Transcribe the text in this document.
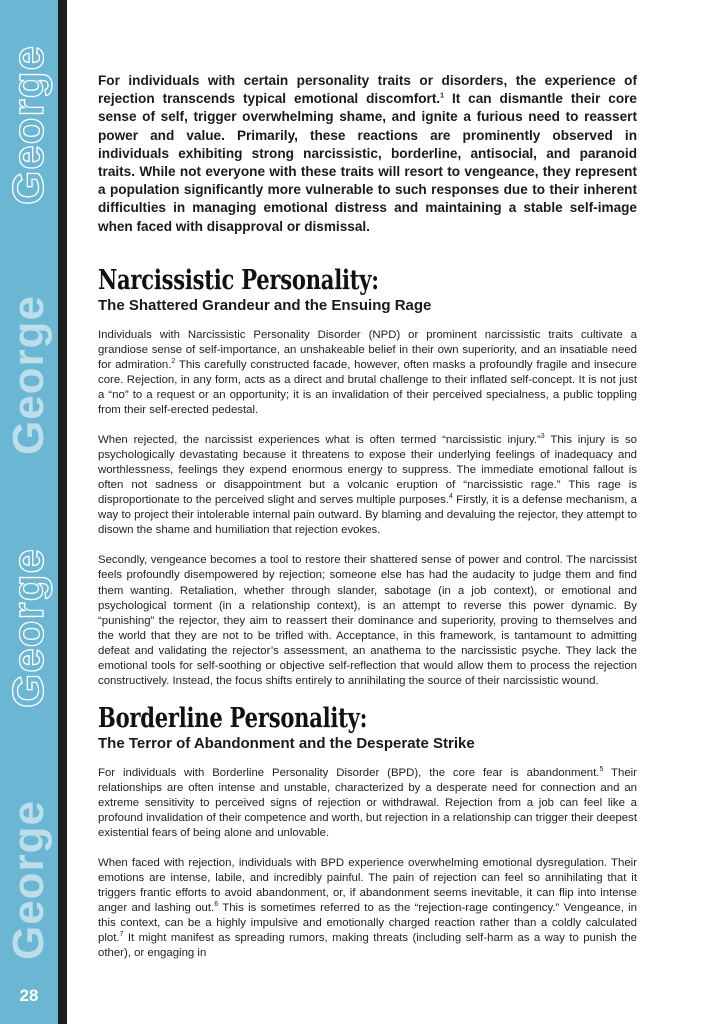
George
George
George
George
28

For individuals with certain personality traits or disorders, the experience of rejection transcends typical emotional discomfort.$^1$ It can dismantle their core sense of self, trigger overwhelming shame, and ignite a furious need to reassert power and value. Primarily, these reactions are prominently observed in individuals exhibiting strong narcissistic, borderline, antisocial, and paranoid traits. While not everyone with these traits will resort to vengeance, they represent a population significantly more vulnerable to such responses due to their inherent difficulties in managing emotional distress and maintaining a stable self-image when faced with disapproval or dismissal.

Narcissistic Personality:
The Shattered Grandeur and the Ensuing Rage

Individuals with Narcissistic Personality Disorder (NPD) or prominent narcissistic traits cultivate a grandiose sense of self-importance, an unshakeable belief in their own superiority, and an insatiable need for admiration.$^2$ This carefully constructed facade, however, often masks a profoundly fragile and insecure core. Rejection, in any form, acts as a direct and brutal challenge to their inflated self-concept. It is not just a “no” to a request or an opportunity; it is an invalidation of their perceived specialness, a public toppling from their self-erected pedestal.

When rejected, the narcissist experiences what is often termed “narcissistic injury.”$^3$ This injury is so psychologically devastating because it threatens to expose their underlying feelings of inadequacy and worthlessness, feelings they expend enormous energy to suppress. The immediate emotional fallout is often not sadness or disappointment but a volcanic eruption of “narcissistic rage.” This rage is disproportionate to the perceived slight and serves multiple purposes.$^4$ Firstly, it is a defense mechanism, a way to project their intolerable internal pain outward. By blaming and devaluing the rejector, they attempt to disown the shame and humiliation that rejection evokes.

Secondly, vengeance becomes a tool to restore their shattered sense of power and control. The narcissist feels profoundly disempowered by rejection; someone else has had the audacity to judge them and find them wanting. Retaliation, whether through slander, sabotage (in a job context), or emotional and psychological torment (in a relationship context), is an attempt to reverse this power dynamic. By “punishing” the rejector, they aim to reassert their dominance and superiority, proving to themselves and the world that they are not to be trifled with. Acceptance, in this framework, is tantamount to admitting defeat and validating the rejector’s assessment, an anathema to the narcissistic psyche. They lack the emotional tools for self-soothing or objective self-reflection that would allow them to process the rejection constructively. Instead, the focus shifts entirely to annihilating the source of their narcissistic wound.

Borderline Personality:
The Terror of Abandonment and the Desperate Strike

For individuals with Borderline Personality Disorder (BPD), the core fear is abandonment.$^5$ Their relationships are often intense and unstable, characterized by a desperate need for connection and an extreme sensitivity to perceived signs of rejection or withdrawal. Rejection from a job can feel like a profound invalidation of their competence and worth, but rejection in a relationship can trigger their deepest existential fears of being alone and unlovable.

When faced with rejection, individuals with BPD experience overwhelming emotional dysregulation. Their emotions are intense, labile, and incredibly painful. The pain of rejection can feel so annihilating that it triggers frantic efforts to avoid abandonment, or, if abandonment seems inevitable, it can flip into intense anger and lashing out.$^6$ This is sometimes referred to as the “rejection-rage contingency.” Vengeance, in this context, can be a highly impulsive and emotionally charged reaction rather than a coldly calculated plot.$^7$ It might manifest as spreading rumors, making threats (including self-harm as a way to punish the other), or engaging in
